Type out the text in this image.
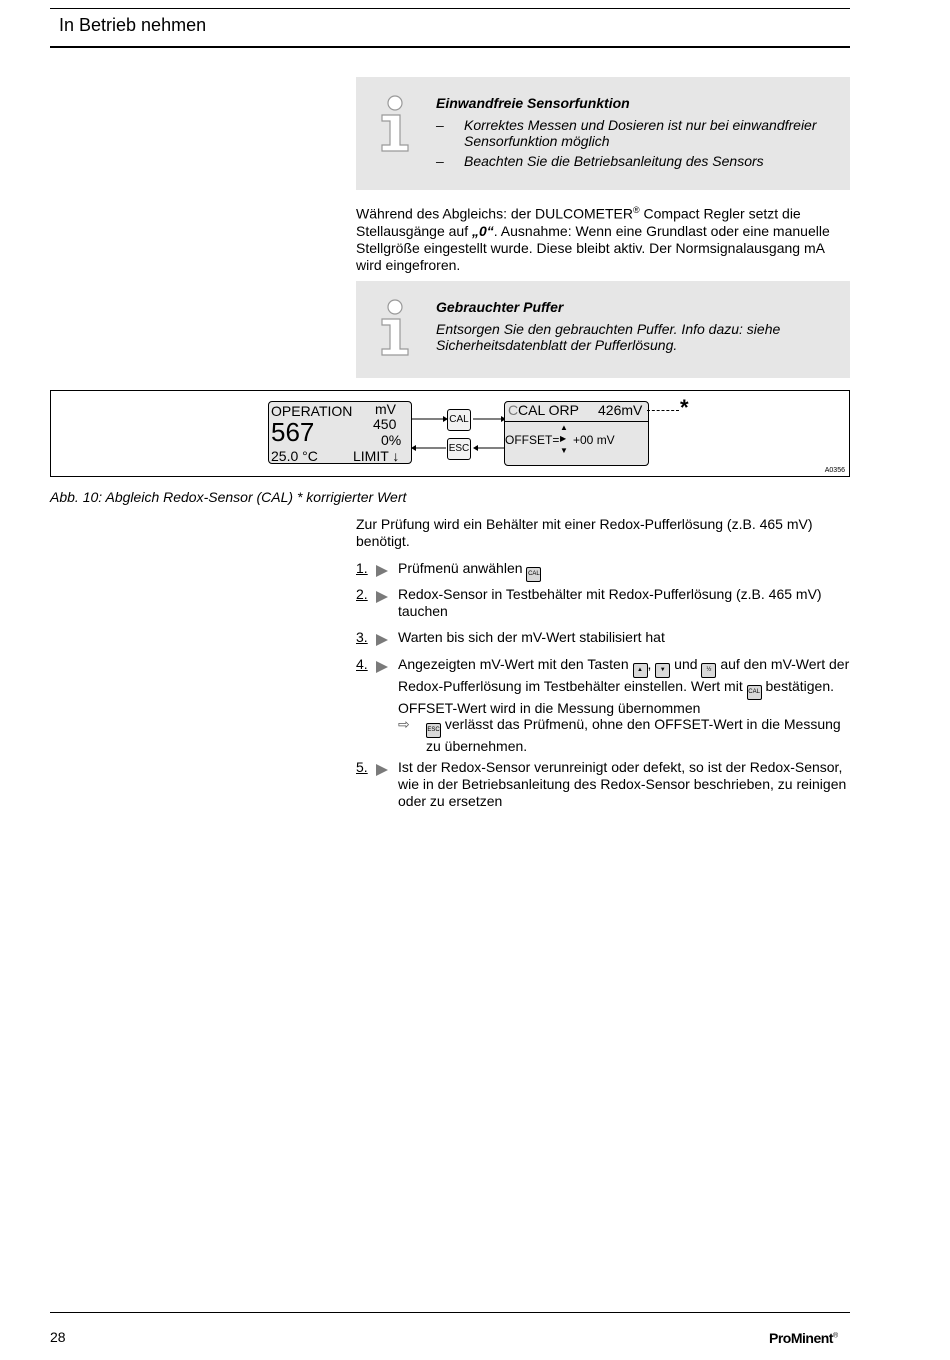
In Betrieb nehmen
Einwandfreie Sensorfunktion
–	Korrektes Messen und Dosieren ist nur bei einwandfreier Sensorfunktion möglich
–	Beachten Sie die Betriebsanleitung des Sensors
Während des Abgleichs: der DULCOMETER® Compact Regler setzt die Stellausgänge auf „0“. Ausnahme: Wenn eine Grundlast oder eine manuelle Stellgröße eingestellt wurde. Diese bleibt aktiv. Der Normsignalausgang mA wird eingefroren.
Gebrauchter Puffer
Entsorgen Sie den gebrauchten Puffer. Info dazu: siehe Sicherheitsdatenblatt der Pufferlösung.
OPERATION mV
450
567	0%
25.0 °C	LIMIT ↓
CAL
ESC
C CAL ORP 426mV
▲
OFFSET= ▶ +00 mV
▼
*
A0356
Abb. 10: Abgleich Redox-Sensor (CAL) * korrigierter Wert
Zur Prüfung wird ein Behälter mit einer Redox-Pufferlösung (z.B. 465 mV) benötigt.
1. Prüfmenü anwählen CAL
2. Redox-Sensor in Testbehälter mit Redox-Pufferlösung (z.B. 465 mV) tauchen
3. Warten bis sich der mV-Wert stabilisiert hat
4. Angezeigten mV-Wert mit den Tasten ▲ , ▼ und ½ auf den mV-Wert der Redox-Pufferlösung im Testbehälter einstellen. Wert mit CAL bestätigen. OFFSET-Wert wird in die Messung übernommen
⇨	ESC verlässt das Prüfmenü, ohne den OFFSET-Wert in die Messung zu übernehmen.
5. Ist der Redox-Sensor verunreinigt oder defekt, so ist der Redox-Sensor, wie in der Betriebsanleitung des Redox-Sensor beschrieben, zu reinigen oder zu ersetzen
28	ProMinent®
